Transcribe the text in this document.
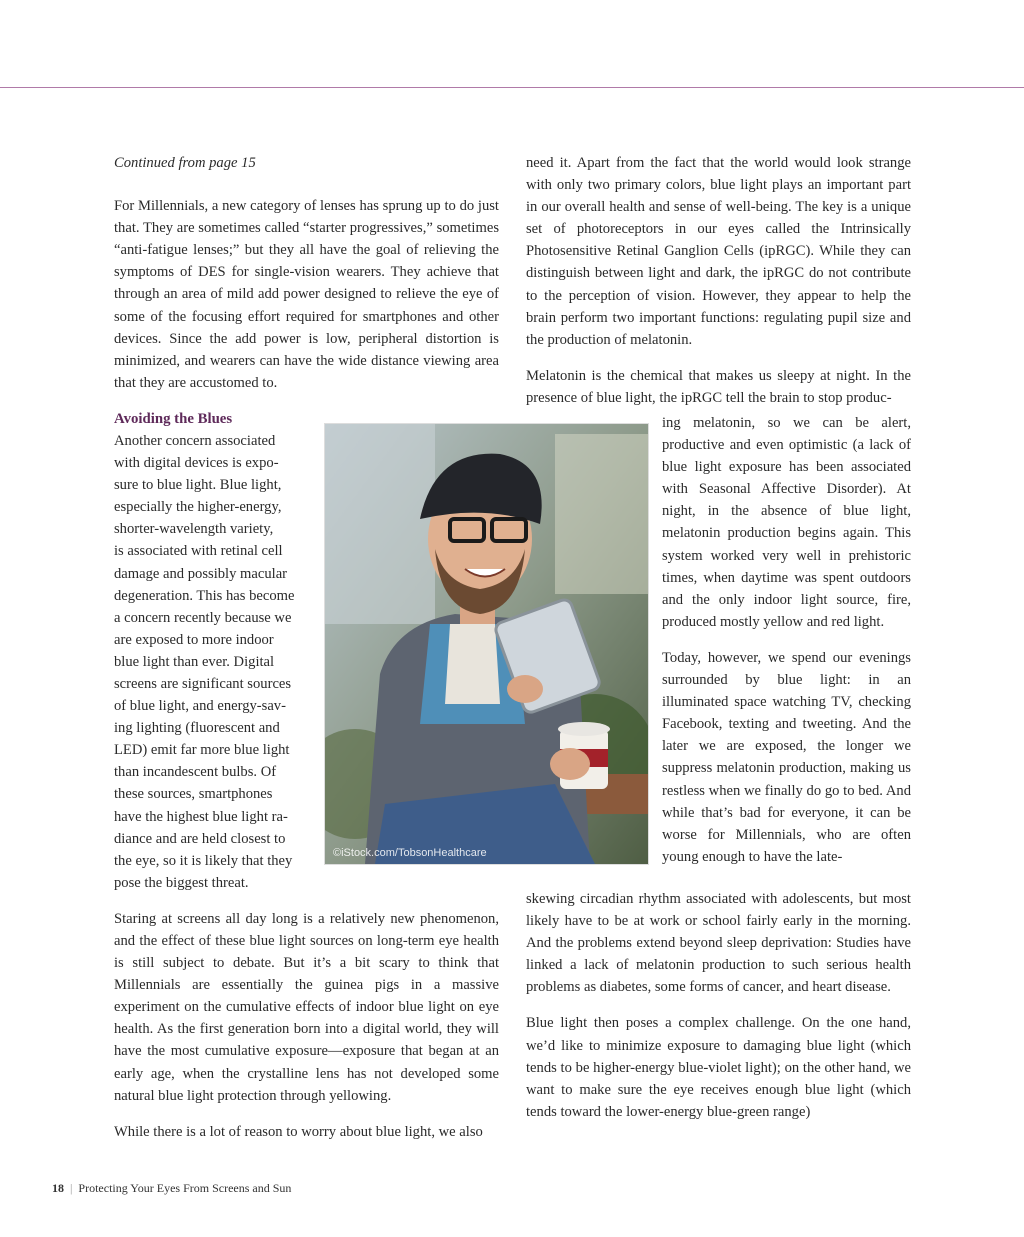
Continued from page 15

For Millennials, a new category of lenses has sprung up to do just that. They are sometimes called “starter progressives,” sometimes “anti-fatigue lenses;” but they all have the goal of relieving the symptoms of DES for single-vision wearers. They achieve that through an area of mild add power designed to relieve the eye of some of the focusing effort required for smartphones and other devices. Since the add power is low, peripheral distortion is minimized, and wearers can have the wide distance viewing area that they are accustomed to.

Avoiding the Blues
Another concern associated
with digital devices is expo-
sure to blue light. Blue light,
especially the higher-energy,
shorter-wavelength variety,
is associated with retinal cell
damage and possibly macular
degeneration. This has become
a concern recently because we
are exposed to more indoor
blue light than ever. Digital
screens are significant sources
of blue light, and energy-sav-
ing lighting (fluorescent and
LED) emit far more blue light
than incandescent bulbs. Of
these sources, smartphones
have the highest blue light ra-
diance and are held closest to
the eye, so it is likely that they
pose the biggest threat.

Staring at screens all day long is a relatively new phenomenon, and the effect of these blue light sources on long-term eye health is still subject to debate. But it’s a bit scary to think that Millennials are essentially the guinea pigs in a massive experiment on the cumulative effects of indoor blue light on eye health. As the first generation born into a digital world, they will have the most cumulative exposure—exposure that began at an early age, when the crystalline lens has not developed some natural blue light protection through yellowing.

While there is a lot of reason to worry about blue light, we also

©iStock.com/TobsonHealthcare

need it. Apart from the fact that the world would look strange with only two primary colors, blue light plays an important part in our overall health and sense of well-being. The key is a unique set of photoreceptors in our eyes called the Intrinsically Photosensitive Retinal Ganglion Cells (ipRGC). While they can distinguish between light and dark, the ipRGC do not contribute to the perception of vision. However, they appear to help the brain perform two important functions: regulating pupil size and the production of melatonin.

Melatonin is the chemical that makes us sleepy at night. In the presence of blue light, the ipRGC tell the brain to stop produc-

ing melatonin, so we can be alert, productive and even optimistic (a lack of blue light exposure has been associated with Seasonal Affective Disorder). At night, in the absence of blue light, melatonin production begins again. This system worked very well in prehistoric times, when daytime was spent outdoors and the only indoor light source, fire, produced mostly yellow and red light.

Today, however, we spend our evenings surrounded by blue light: in an illuminated space watching TV, checking Facebook, texting and tweeting. And the later we are exposed, the longer we suppress melatonin production, making us restless when we finally do go to bed. And while that’s bad for everyone, it can be worse for Millennials, who are often young enough to have the late-

skewing circadian rhythm associated with adolescents, but most likely have to be at work or school fairly early in the morning. And the problems extend beyond sleep deprivation: Studies have linked a lack of melatonin production to such serious health problems as diabetes, some forms of cancer, and heart disease.

Blue light then poses a complex challenge. On the one hand, we’d like to minimize exposure to damaging blue light (which tends to be higher-energy blue-violet light); on the other hand, we want to make sure the eye receives enough blue light (which tends toward the lower-energy blue-green range)

18 | Protecting Your Eyes From Screens and Sun
